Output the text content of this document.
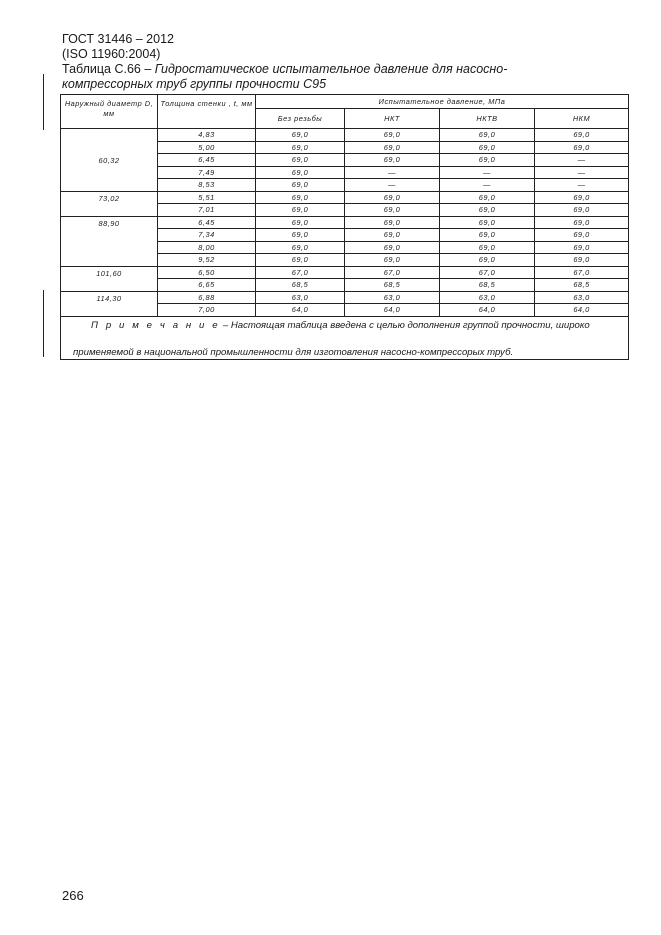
ГОСТ 31446 – 2012
(ISO 11960:2004)
Таблица С.66 – Гидростатическое испытательное давление для насосно-
компрессорных труб группы прочности С95
Наружный диаметр D, мм	Толщина стенки , t, мм	Испытательное давление, МПа			
		Без резьбы	НКТ	НКТВ	НКМ
60,32	4,83	69,0	69,0	69,0	69,0
	5,00	69,0	69,0	69,0	69,0
	6,45	69,0	69,0	69,0	—
	7,49	69,0	—	—	—
	8,53	69,0	—	—	—
73,02	5,51	69,0	69,0	69,0	69,0
	7,01	69,0	69,0	69,0	69,0
88,90	6,45	69,0	69,0	69,0	69,0
	7,34	69,0	69,0	69,0	69,0
	8,00	69,0	69,0	69,0	69,0
	9,52	69,0	69,0	69,0	69,0
101,60	6,50	67,0	67,0	67,0	67,0
	6,65	68,5	68,5	68,5	68,5
114,30	6,88	63,0	63,0	63,0	63,0
	7,00	64,0	64,0	64,0	64,0

П р и м е ч а н и е – Настоящая таблица введена с целью дополнения группой прочности, широко
применяемой в национальной промышленности для изготовления насосно-компрессорых труб.					
266
